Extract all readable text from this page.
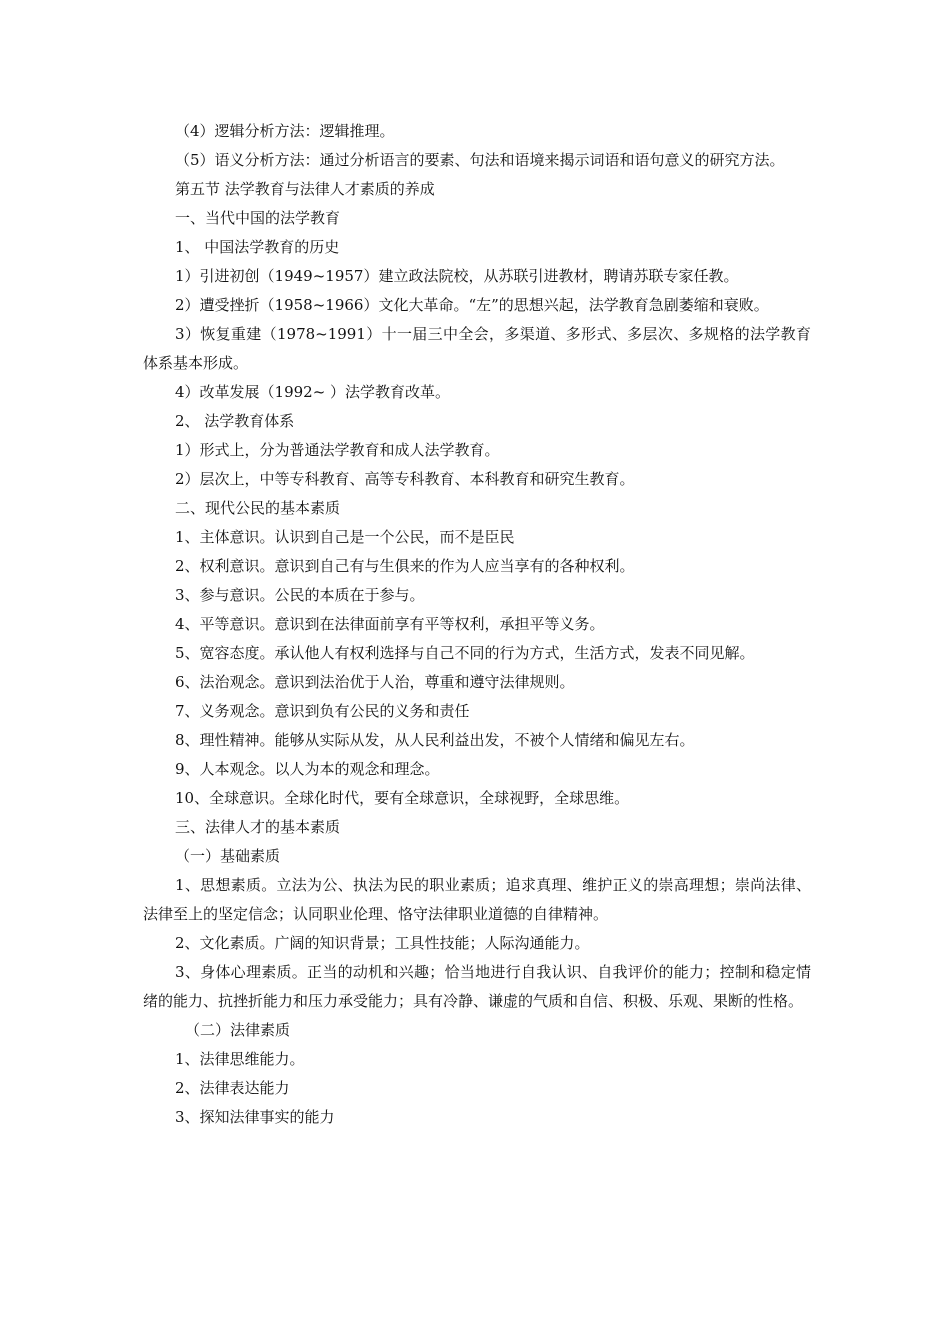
（4）逻辑分析方法：逻辑推理。

（5）语义分析方法：通过分析语言的要素、句法和语境来揭示词语和语句意义的研究方法。

第五节 法学教育与法律人才素质的养成

一、当代中国的法学教育

1、 中国法学教育的历史

1）引进初创（1949~1957）建立政法院校，从苏联引进教材，聘请苏联专家任教。

2）遭受挫折（1958~1966）文化大革命。“左”的思想兴起，法学教育急剧萎缩和衰败。

3）恢复重建（1978~1991）十一届三中全会，多渠道、多形式、多层次、多规格的法学教育体系基本形成。

4）改革发展（1992~ ）法学教育改革。

2、 法学教育体系

1）形式上，分为普通法学教育和成人法学教育。

2）层次上，中等专科教育、高等专科教育、本科教育和研究生教育。

二、现代公民的基本素质

1、主体意识。认识到自己是一个公民，而不是臣民

2、权利意识。意识到自己有与生俱来的作为人应当享有的各种权利。

3、参与意识。公民的本质在于参与。

4、平等意识。意识到在法律面前享有平等权利，承担平等义务。

5、宽容态度。承认他人有权利选择与自己不同的行为方式，生活方式，发表不同见解。

6、法治观念。意识到法治优于人治，尊重和遵守法律规则。

7、义务观念。意识到负有公民的义务和责任

8、理性精神。能够从实际从发，从人民利益出发，不被个人情绪和偏见左右。

9、人本观念。以人为本的观念和理念。

10、全球意识。全球化时代，要有全球意识，全球视野，全球思维。

三、法律人才的基本素质

（一）基础素质

1、思想素质。立法为公、执法为民的职业素质；追求真理、维护正义的崇高理想；崇尚法律、法律至上的坚定信念；认同职业伦理、恪守法律职业道德的自律精神。

2、文化素质。广阔的知识背景；工具性技能；人际沟通能力。

3、身体心理素质。正当的动机和兴趣；恰当地进行自我认识、自我评价的能力；控制和稳定情绪的能力、抗挫折能力和压力承受能力；具有冷静、谦虚的气质和自信、积极、乐观、果断的性格。

（二）法律素质

1、法律思维能力。

2、法律表达能力

3、探知法律事实的能力
